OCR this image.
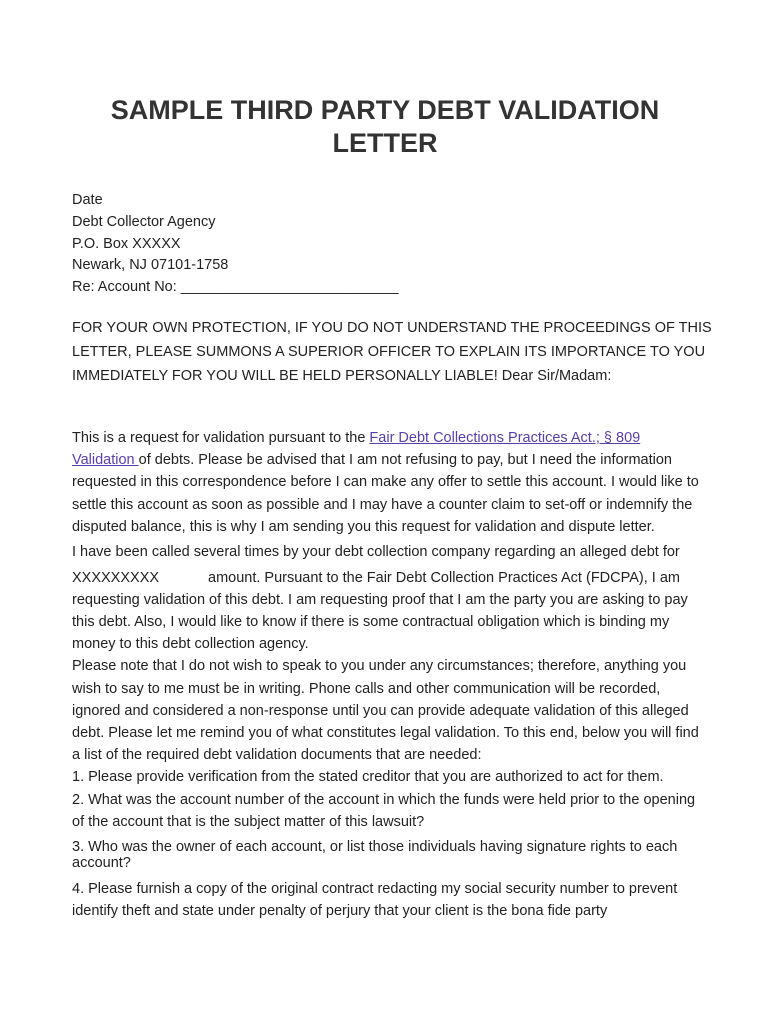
SAMPLE THIRD PARTY DEBT VALIDATION LETTER
Date
Debt Collector Agency
P.O. Box XXXXX
Newark, NJ 07101-1758
Re: Account No: ___________________________

FOR YOUR OWN PROTECTION, IF YOU DO NOT UNDERSTAND THE PROCEEDINGS OF THIS LETTER, PLEASE SUMMONS A SUPERIOR OFFICER TO EXPLAIN ITS IMPORTANCE TO YOU IMMEDIATELY FOR YOU WILL BE HELD PERSONALLY LIABLE! Dear Sir/Madam:

This is a request for validation pursuant to the Fair Debt Collections Practices Act.; § 809 Validation of debts. Please be advised that I am not refusing to pay, but I need the information requested in this correspondence before I can make any offer to settle this account. I would like to settle this account as soon as possible and I may have a counter claim to set-off or indemnify the disputed balance, this is why I am sending you this request for validation and dispute letter.

I have been called several times by your debt collection company regarding an alleged debt for

XXXXXXXXX	amount. Pursuant to the Fair Debt Collection Practices Act (FDCPA), I am requesting validation of this debt. I am requesting proof that I am the party you are asking to pay this debt. Also, I would like to know if there is some contractual obligation which is binding my money to this debt collection agency.

Please note that I do not wish to speak to you under any circumstances; therefore, anything you wish to say to me must be in writing. Phone calls and other communication will be recorded, ignored and considered a non-response until you can provide adequate validation of this alleged debt. Please let me remind you of what constitutes legal validation. To this end, below you will find a list of the required debt validation documents that are needed:

1. Please provide verification from the stated creditor that you are authorized to act for them.

2. What was the account number of the account in which the funds were held prior to the opening of the account that is the subject matter of this lawsuit?

3. Who was the owner of each account, or list those individuals having signature rights to each account?

4. Please furnish a copy of the original contract redacting my social security number to prevent identify theft and state under penalty of perjury that your client is the bona fide party
